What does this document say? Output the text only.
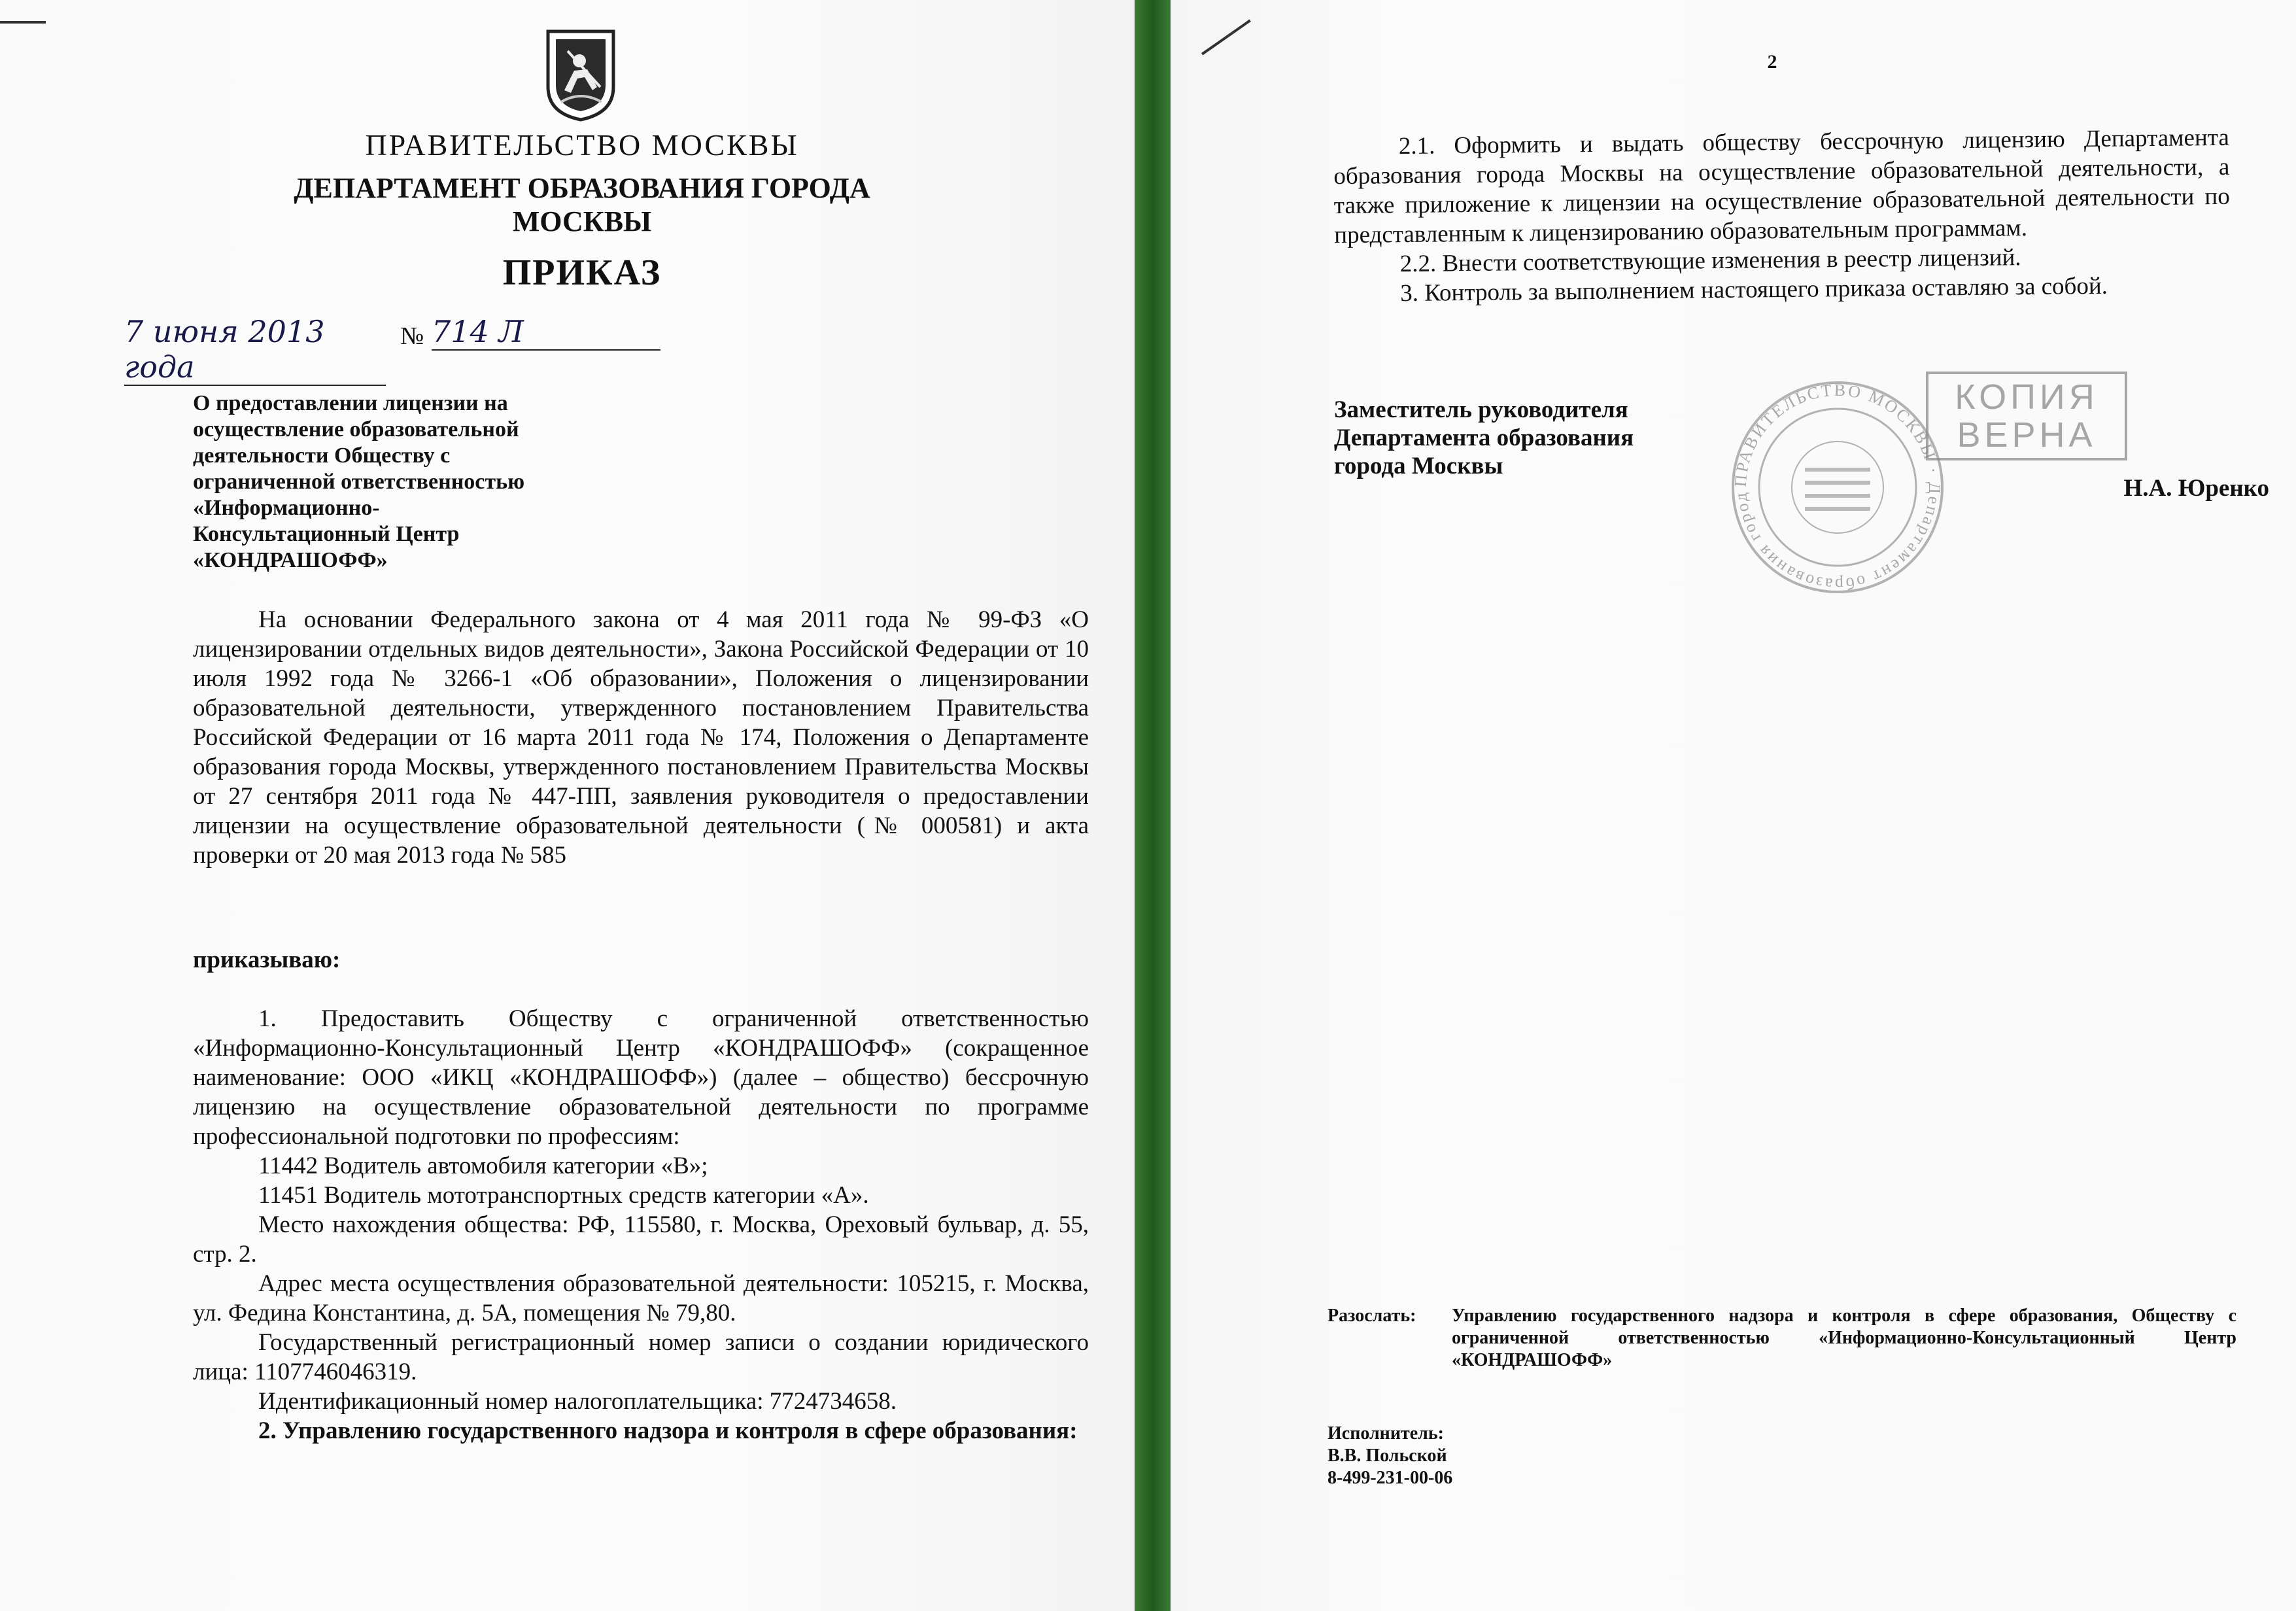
ПРАВИТЕЛЬСТВО МОСКВЫ
ДЕПАРТАМЕНТ ОБРАЗОВАНИЯ ГОРОДА МОСКВЫ
ПРИКАЗ
7 июня 2013 года
№ 714 Л
О предоставлении лицензии на
осуществление образовательной
деятельности Обществу с
ограниченной ответственностью
«Информационно-
Консультационный Центр
«КОНДРАШОФФ»

На основании Федерального закона от 4 мая 2011 года № 99-ФЗ «О лицензировании отдельных видов деятельности», Закона Российской Федерации от 10 июля 1992 года № 3266-1 «Об образовании», Положения о лицензировании образовательной деятельности, утвержденного постановлением Правительства Российской Федерации от 16 марта 2011 года № 174, Положения о Департаменте образования города Москвы, утвержденного постановлением Правительства Москвы от 27 сентября 2011 года № 447-ПП, заявления руководителя о предоставлении лицензии на осуществление образовательной деятельности (№ 000581) и акта проверки от 20 мая 2013 года № 585

приказываю:

1. Предоставить Обществу с ограниченной ответственностью «Информационно-Консультационный Центр «КОНДРАШОФФ» (сокращенное наименование: ООО «ИКЦ «КОНДРАШОФФ») (далее – общество) бессрочную лицензию на осуществление образовательной деятельности по программе профессиональной подготовки по профессиям:

11442 Водитель автомобиля категории «В»;

11451 Водитель мототранспортных средств категории «А».

Место нахождения общества: РФ, 115580, г. Москва, Ореховый бульвар, д. 55, стр. 2.

Адрес места осуществления образовательной деятельности: 105215, г. Москва, ул. Федина Константина, д. 5А, помещения № 79,80.

Государственный регистрационный номер записи о создании юридического лица: 1107746046319.

Идентификационный номер налогоплательщика: 7724734658.

2. Управлению государственного надзора и контроля в сфере образования:

2

2.1. Оформить и выдать обществу бессрочную лицензию Департамента образования города Москвы на осуществление образовательной деятельности, а также приложение к лицензии на осуществление образовательной деятельности по представленным к лицензированию образовательным программам.

2.2. Внести соответствующие изменения в реестр лицензий.

3. Контроль за выполнением настоящего приказа оставляю за собой.

Заместитель руководителя
Департамента образования
города Москвы
ПРАВИТЕЛЬСТВО МОСКВЫ · Департамент образования город
КОПИЯ
ВЕРНА
Н.А. Юренко
Разослать:	Управлению государственного надзора и контроля в сфере образования, Обществу с ограниченной ответственностью «Информационно-Консультационный Центр «КОНДРАШОФФ»
Исполнитель:
В.В. Польской
8-499-231-00-06
